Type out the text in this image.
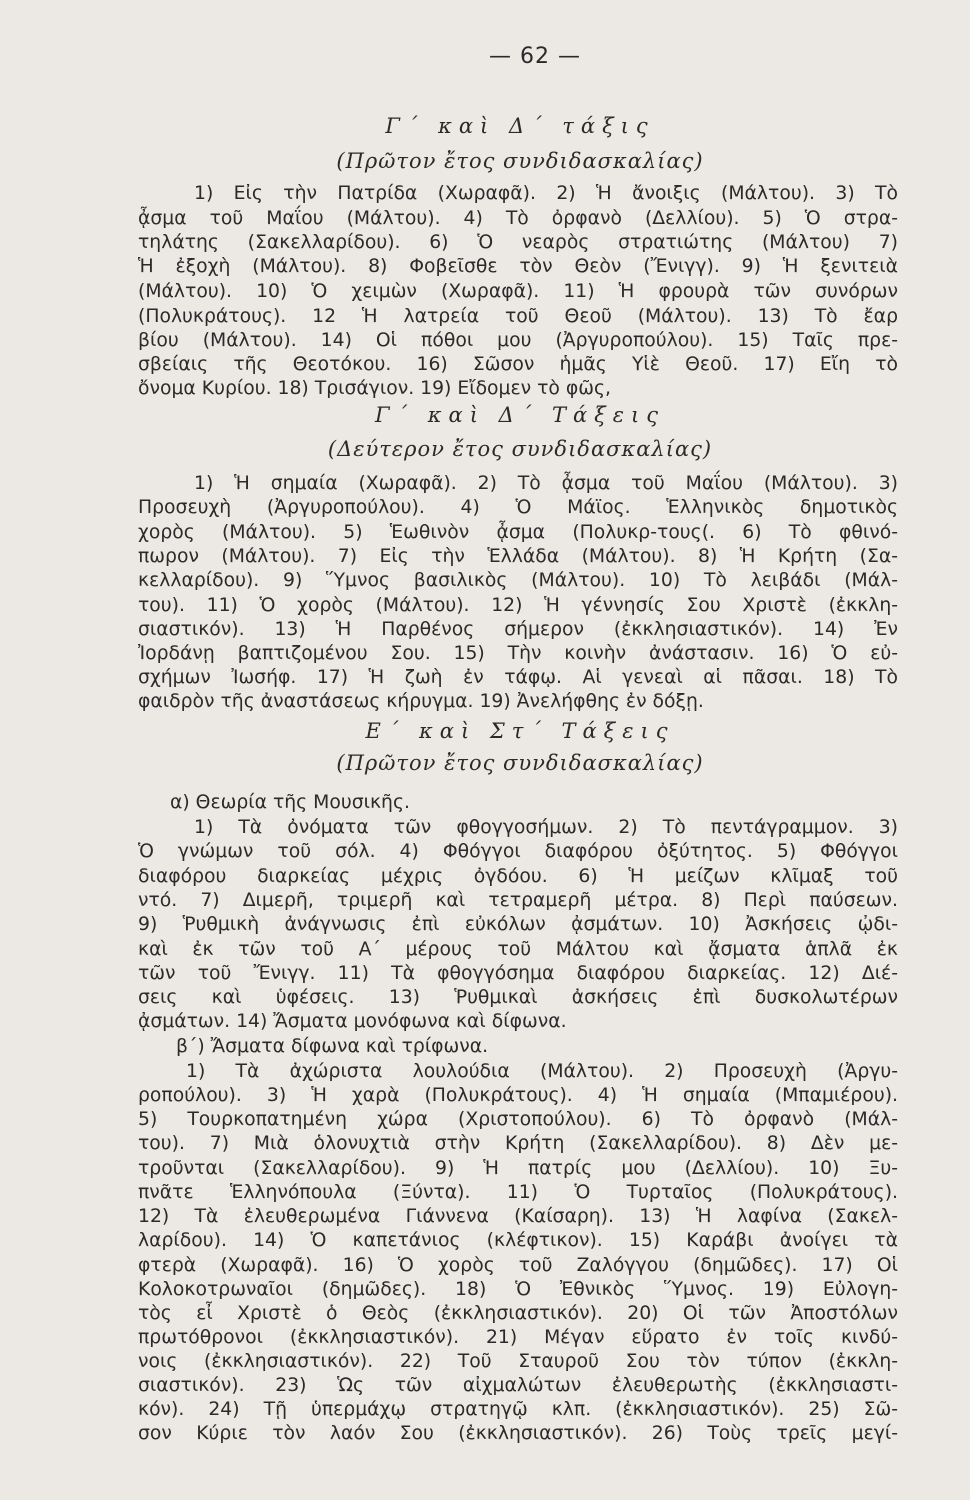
— 62 —
Γ΄ καὶ Δ΄ τάξις
(Πρῶτον ἔτος συνδιδασκαλίας)
1) Εἰς τὴν Πατρίδα (Χωραφᾶ). 2) Ἡ ἄνοιξις (Μάλτου). 3) Τὸ
ᾆσμα τοῦ Μαΐου (Μάλτου). 4) Τὸ ὀρφανὸ (Δελλίου). 5) Ὁ στρα-
τηλάτης (Σακελλαρίδου). 6) Ὁ νεαρὸς στρατιώτης (Μάλτου) 7)
Ἡ ἐξοχὴ (Μάλτου). 8) Φοβεῖσθε τὸν Θεὸν (Ἔνιγγ). 9) Ἡ ξενιτειὰ
(Μάλτου). 10) Ὁ χειμὼν (Χωραφᾶ). 11) Ἡ φρουρὰ τῶν συνόρων
(Πολυκράτους). 12 Ἡ λατρεία τοῦ Θεοῦ (Μάλτου). 13) Τὸ ἔαρ
βίου (Μάλτου). 14) Οἱ πόθοι μου (Ἀργυροπούλου). 15) Ταῖς πρε-
σβείαις τῆς Θεοτόκου. 16) Σῶσον ἡμᾶς Υἱὲ Θεοῦ. 17) Εἴη τὸ
ὄνομα Κυρίου. 18) Τρισάγιον. 19) Εἴδομεν τὸ φῶς,
Γ΄ καὶ Δ΄ Τάξεις
(Δεύτερον ἔτος συνδιδασκαλίας)
1) Ἡ σημαία (Χωραφᾶ). 2) Τὸ ᾆσμα τοῦ Μαΐου (Μάλτου). 3)
Προσευχὴ (Ἀργυροπούλου). 4) Ὁ Μάϊος. Ἑλληνικὸς δημοτικὸς
χορὸς (Μάλτου). 5) Ἑωθινὸν ᾆσμα (Πολυκρ-τους(. 6) Τὸ φθινό-
πωρον (Μάλτου). 7) Εἰς τὴν Ἑλλάδα (Μάλτου). 8) Ἡ Κρήτη (Σα-
κελλαρίδου). 9) Ὕμνος βασιλικὸς (Μάλτου). 10) Τὸ λειβάδι (Μάλ-
του). 11) Ὁ χορὸς (Μάλτου). 12) Ἡ γέννησίς Σου Χριστὲ (ἐκκλη-
σιαστικόν). 13) Ἡ Παρθένος σήμερον (ἐκκλησιαστικόν). 14) Ἐν
Ἰορδάνῃ βαπτιζομένου Σου. 15) Τὴν κοινὴν ἀνάστασιν. 16) Ὁ εὐ-
σχήμων Ἰωσήφ. 17) Ἡ ζωὴ ἐν τάφῳ. Αἱ γενεαὶ αἱ πᾶσαι. 18) Τὸ
φαιδρὸν τῆς ἀναστάσεως κήρυγμα. 19) Ἀνελήφθης ἐν δόξῃ.
Ε΄ καὶ Στ΄ Τάξεις
(Πρῶτον ἔτος συνδιδασκαλίας)
α) Θεωρία τῆς Μουσικῆς.
1) Τὰ ὀνόματα τῶν φθογγοσήμων. 2) Τὸ πεντάγραμμον. 3)
Ὁ γνώμων τοῦ σόλ. 4) Φθόγγοι διαφόρου ὀξύτητος. 5) Φθόγγοι
διαφόρου διαρκείας μέχρις ὀγδόου. 6) Ἡ μείζων κλῖμαξ τοῦ
ντό. 7) Διμερῆ, τριμερῆ καὶ τετραμερῆ μέτρα. 8) Περὶ παύσεων.
9) Ῥυθμικὴ ἀνάγνωσις ἐπὶ εὐκόλων ᾀσμάτων. 10) Ἀσκήσεις ᾠδι-
καὶ ἐκ τῶν τοῦ Α΄ μέρους τοῦ Μάλτου καὶ ᾄσματα ἁπλᾶ ἐκ
τῶν τοῦ Ἔνιγγ. 11) Τὰ φθογγόσημα διαφόρου διαρκείας. 12) Διέ-
σεις καὶ ὑφέσεις. 13) Ῥυθμικαὶ ἀσκήσεις ἐπὶ δυσκολωτέρων
ᾀσμάτων. 14) Ἄσματα μονόφωνα καὶ δίφωνα.
β΄) Ἄσματα δίφωνα καὶ τρίφωνα.
1) Τὰ ἀχώριστα λουλούδια (Μάλτου). 2) Προσευχὴ (Ἀργυ-
ροπούλου). 3) Ἡ χαρὰ (Πολυκράτους). 4) Ἡ σημαία (Μπαμιέρου).
5) Τουρκοπατημένη χώρα (Χριστοπούλου). 6) Τὸ ὀρφανὸ (Μάλ-
του). 7) Μιὰ ὁλονυχτιὰ στὴν Κρήτη (Σακελλαρίδου). 8) Δὲν με-
τροῦνται (Σακελλαρίδου). 9) Ἡ πατρίς μου (Δελλίου). 10) Ξυ-
πνᾶτε Ἑλληνόπουλα (Ξύντα). 11) Ὁ Τυρταῖος (Πολυκράτους).
12) Τὰ ἐλευθερωμένα Γιάννενα (Καίσαρη). 13) Ἡ λαφίνα (Σακελ-
λαρίδου). 14) Ὁ καπετάνιος (κλέφτικον). 15) Καράβι ἀνοίγει τὰ
φτερὰ (Χωραφᾶ). 16) Ὁ χορὸς τοῦ Ζαλόγγου (δημῶδες). 17) Οἱ
Κολοκοτρωναῖοι (δημῶδες). 18) Ὁ Ἐθνικὸς Ὕμνος. 19) Εὐλογη-
τὸς εἶ Χριστὲ ὁ Θεὸς (ἐκκλησιαστικόν). 20) Οἱ τῶν Ἀποστόλων
πρωτόθρονοι (ἐκκλησιαστικόν). 21) Μέγαν εὕρατο ἐν τοῖς κινδύ-
νοις (ἐκκλησιαστικόν). 22) Τοῦ Σταυροῦ Σου τὸν τύπον (ἐκκλη-
σιαστικόν). 23) Ὡς τῶν αἰχμαλώτων ἐλευθερωτὴς (ἐκκλησιαστι-
κόν). 24) Τῇ ὑπερμάχῳ στρατηγῷ κλπ. (ἐκκλησιαστικόν). 25) Σῶ-
σον Κύριε τὸν λαόν Σου (ἐκκλησιαστικόν). 26) Τοὺς τρεῖς μεγί-
